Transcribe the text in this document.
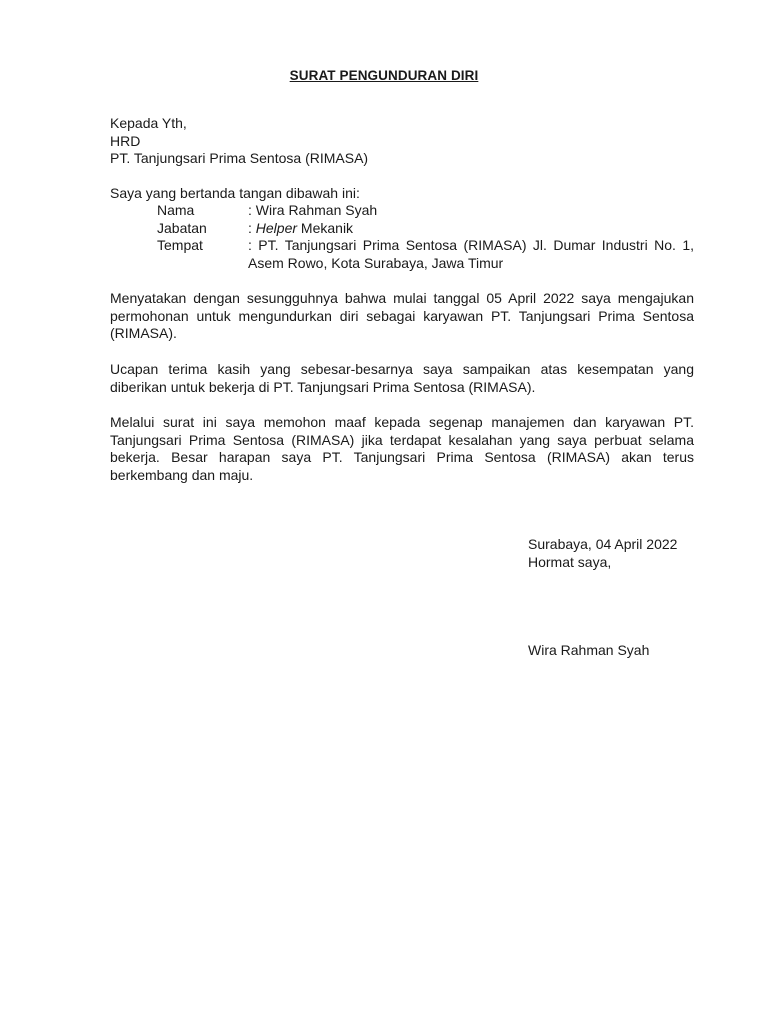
SURAT PENGUNDURAN DIRI
Kepada Yth,
HRD
PT. Tanjungsari Prima Sentosa (RIMASA)
Saya yang bertanda tangan dibawah ini:
Nama	: Wira Rahman Syah
Jabatan	: Helper Mekanik
Tempat	: PT. Tanjungsari Prima Sentosa (RIMASA) Jl. Dumar Industri No. 1, Asem Rowo, Kota Surabaya, Jawa Timur
Menyatakan dengan sesungguhnya bahwa mulai tanggal 05 April 2022 saya mengajukan permohonan untuk mengundurkan diri sebagai karyawan PT. Tanjungsari Prima Sentosa (RIMASA).
Ucapan terima kasih yang sebesar-besarnya saya sampaikan atas kesempatan yang diberikan untuk bekerja di PT. Tanjungsari Prima Sentosa (RIMASA).
Melalui surat ini saya memohon maaf kepada segenap manajemen dan karyawan PT. Tanjungsari Prima Sentosa (RIMASA) jika terdapat kesalahan yang saya perbuat selama bekerja. Besar harapan saya PT. Tanjungsari Prima Sentosa (RIMASA) akan terus berkembang dan maju.
Surabaya, 04 April 2022
Hormat saya,
Wira Rahman Syah
